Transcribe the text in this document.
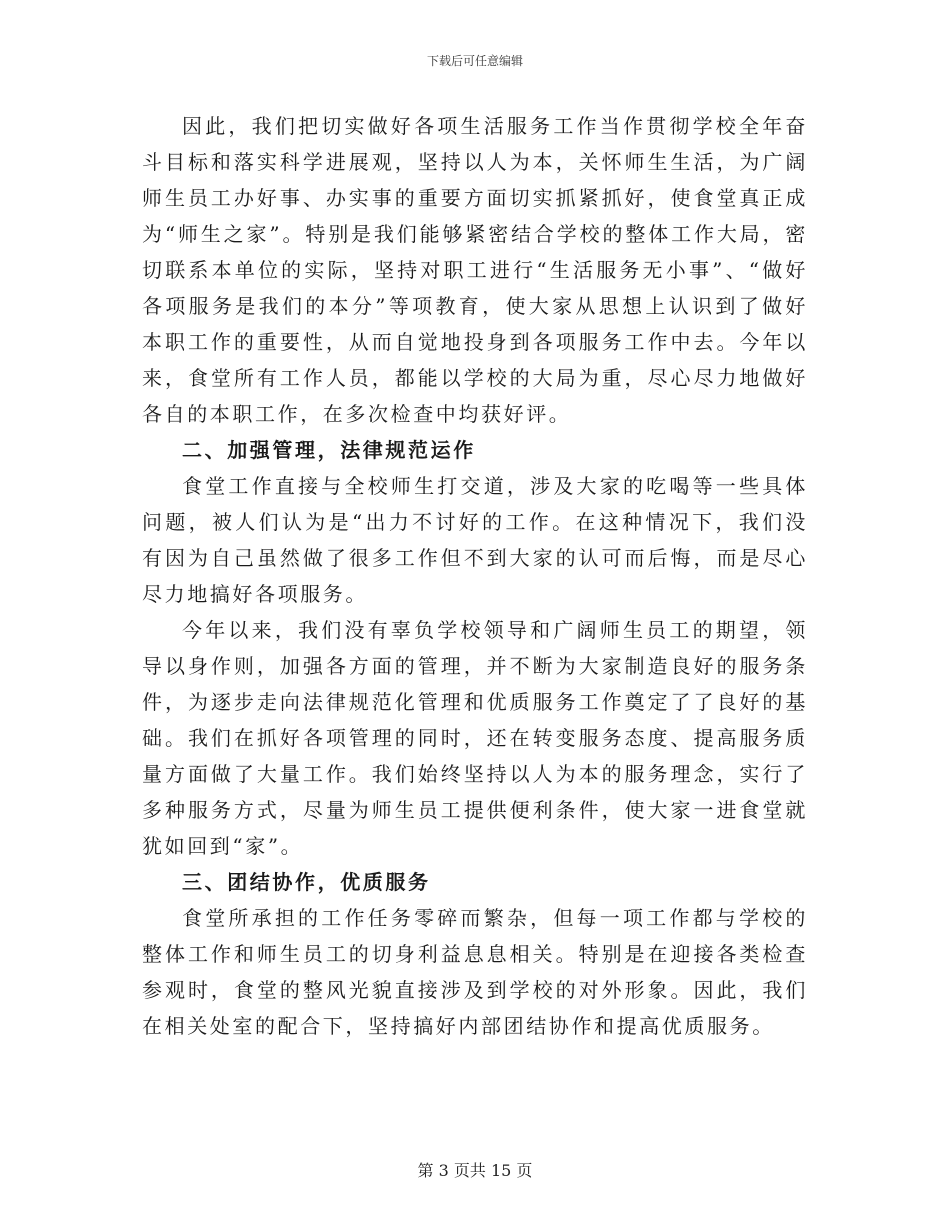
下载后可任意编辑

因此，我们把切实做好各项生活服务工作当作贯彻学校全年奋斗目标和落实科学进展观，坚持以人为本，关怀师生生活，为广阔师生员工办好事、办实事的重要方面切实抓紧抓好，使食堂真正成为“师生之家”。特别是我们能够紧密结合学校的整体工作大局，密切联系本单位的实际，坚持对职工进行“生活服务无小事”、“做好各项服务是我们的本分”等项教育，使大家从思想上认识到了做好本职工作的重要性，从而自觉地投身到各项服务工作中去。今年以来，食堂所有工作人员，都能以学校的大局为重，尽心尽力地做好各自的本职工作，在多次检查中均获好评。

二、加强管理，法律规范运作

食堂工作直接与全校师生打交道，涉及大家的吃喝等一些具体问题，被人们认为是“出力不讨好的工作。在这种情况下，我们没有因为自己虽然做了很多工作但不到大家的认可而后悔，而是尽心尽力地搞好各项服务。

今年以来，我们没有辜负学校领导和广阔师生员工的期望，领导以身作则，加强各方面的管理，并不断为大家制造良好的服务条件，为逐步走向法律规范化管理和优质服务工作奠定了了良好的基础。我们在抓好各项管理的同时，还在转变服务态度、提高服务质量方面做了大量工作。我们始终坚持以人为本的服务理念，实行了多种服务方式，尽量为师生员工提供便利条件，使大家一进食堂就犹如回到“家”。

三、团结协作，优质服务

食堂所承担的工作任务零碎而繁杂，但每一项工作都与学校的整体工作和师生员工的切身利益息息相关。特别是在迎接各类检查参观时，食堂的整风光貌直接涉及到学校的对外形象。因此，我们在相关处室的配合下，坚持搞好内部团结协作和提高优质服务。

第 3 页共 15 页
